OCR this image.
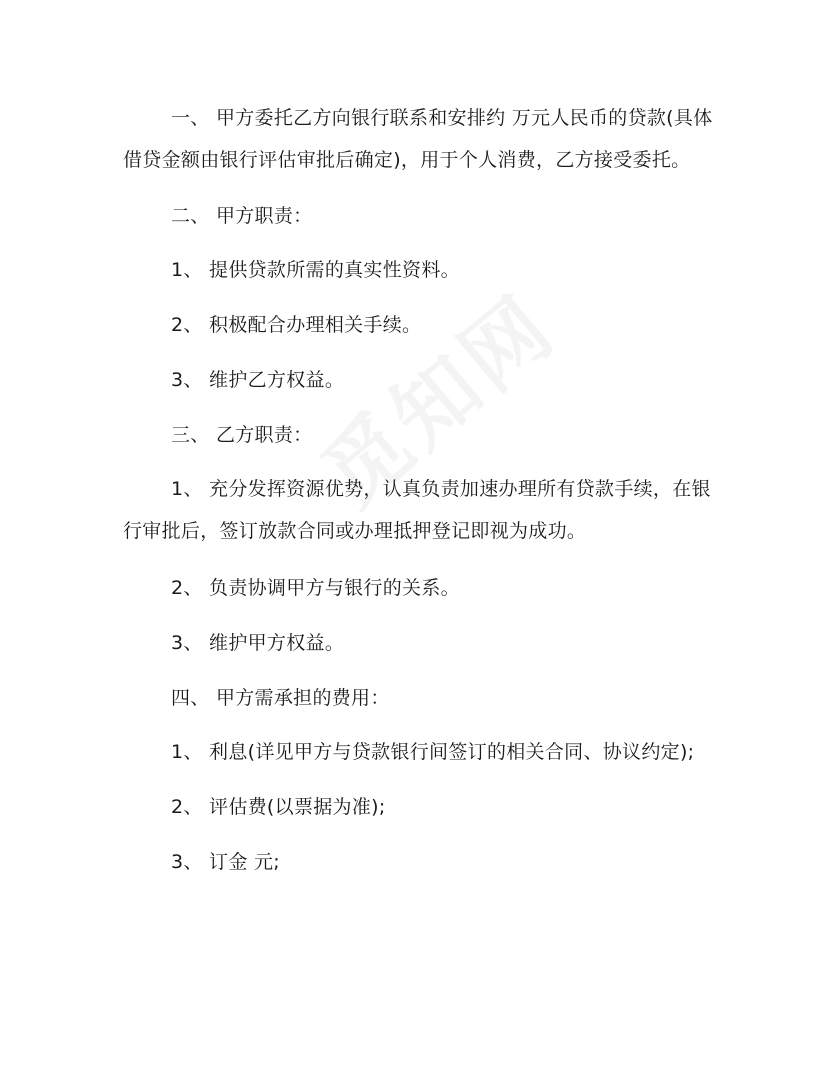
一、 甲方委托乙方向银行联系和安排约 万元人民币的贷款(具体借贷金额由银行评估审批后确定)，用于个人消费，乙方接受委托。

二、 甲方职责：

1、 提供贷款所需的真实性资料。

2、 积极配合办理相关手续。

3、 维护乙方权益。

三、 乙方职责：

1、 充分发挥资源优势，认真负责加速办理所有贷款手续，在银行审批后，签订放款合同或办理抵押登记即视为成功。

2、 负责协调甲方与银行的关系。

3、 维护甲方权益。

四、 甲方需承担的费用：

1、 利息(详见甲方与贷款银行间签订的相关合同、协议约定);

2、 评估费(以票据为准);

3、 订金 元;
